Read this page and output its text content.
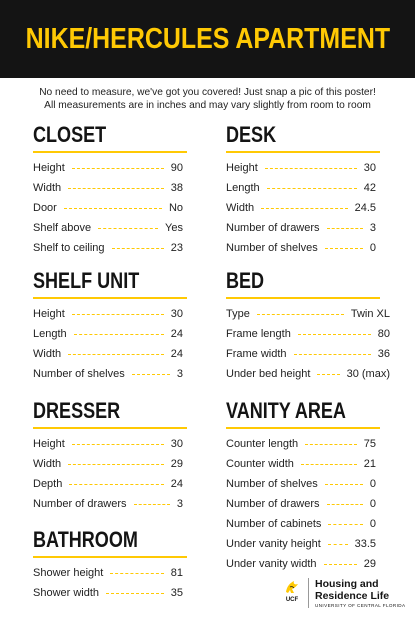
NIKE/HERCULES APARTMENT
No need to measure, we've got you covered! Just snap a pic of this poster!
All measurements are in inches and may vary slightly from room to room
CLOSET
Height	90
Width	38
Door	No
Shelf above	Yes
Shelf to ceiling	23
DESK
Height	30
Length	42
Width	24.5
Number of drawers	3
Number of shelves	0
SHELF UNIT
Height	30
Length	24
Width	24
Number of shelves	3
BED
Type	Twin XL
Frame length	80
Frame width	36
Under bed height	30 (max)
DRESSER
Height	30
Width	29
Depth	24
Number of drawers	3
VANITY AREA
Counter length	75
Counter width	21
Number of shelves	0
Number of drawers	0
Number of cabinets	0
Under vanity height	33.5
Under vanity width	29
BATHROOM
Shower height	81
Shower width	35
UCF
Housing and
Residence Life
UNIVERSITY OF CENTRAL FLORIDA
